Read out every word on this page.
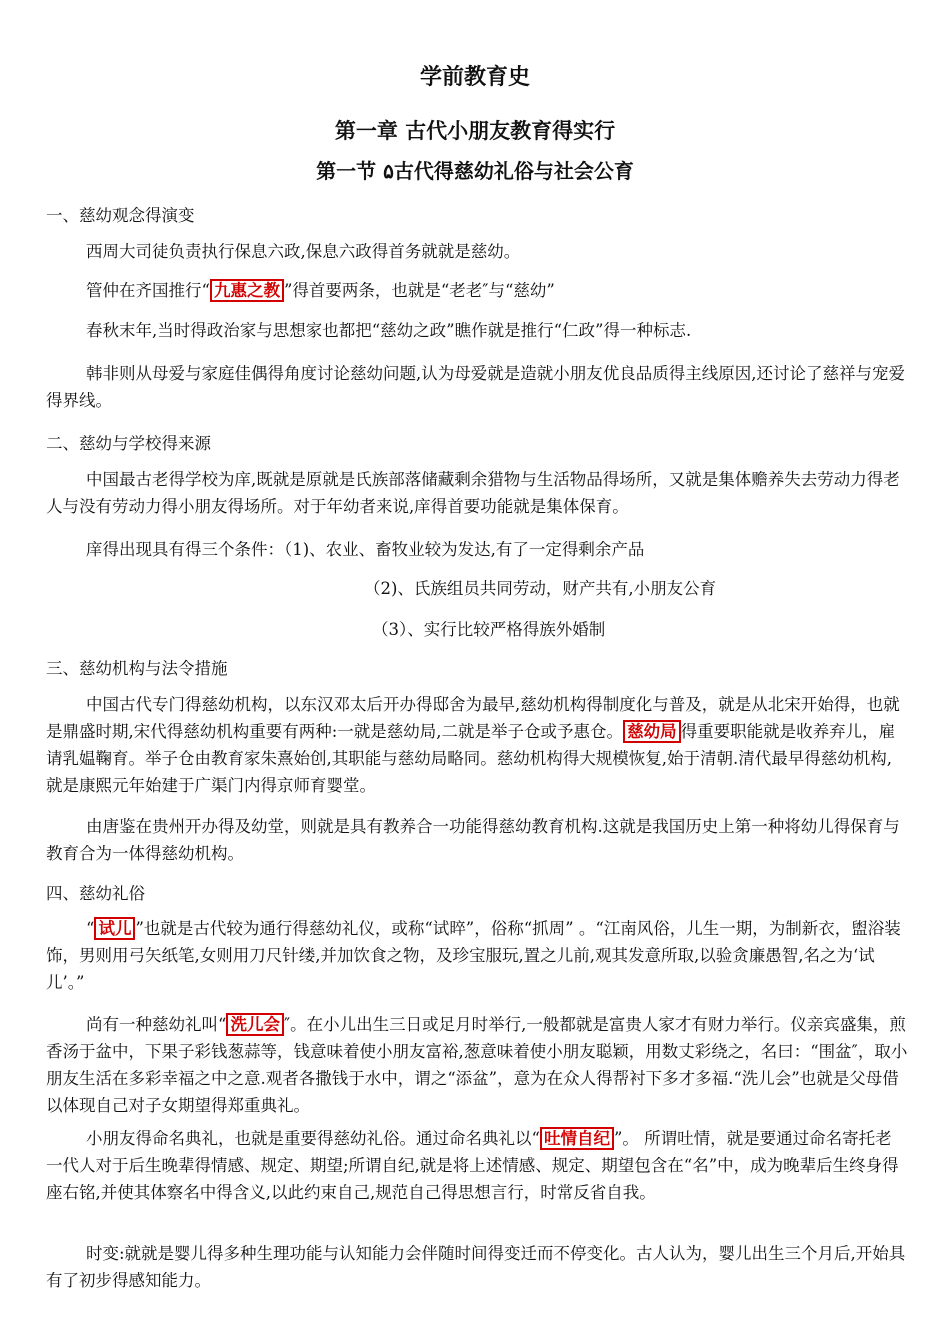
学前教育史
第一章 古代小朋友教育得实行
第一节 ۵古代得慈幼礼俗与社会公育
一、慈幼观念得演变

西周大司徒负责执行保息六政,保息六政得首务就就是慈幼。

管仲在齐国推行“ 九惠之教 ”得首要两条，也就是“老老″与“慈幼”

春秋末年,当时得政治家与思想家也都把“慈幼之政”瞧作就是推行“仁政”得一种标志.

韩非则从母爱与家庭佳偶得角度讨论慈幼问题,认为母爱就是造就小朋友优良品质得主线原因,还讨论了慈祥与宠爱得界线。

二、慈幼与学校得来源

中国最古老得学校为庠,既就是原就是氏族部落储藏剩余猎物与生活物品得场所，又就是集体赡养失去劳动力得老人与没有劳动力得小朋友得场所。对于年幼者来说,庠得首要功能就是集体保育。

庠得出现具有得三个条件：（1)、农业、畜牧业较为发达,有了一定得剩余产品
（2)、氏族组员共同劳动，财产共有,小朋友公育
（3）、实行比较严格得族外婚制
三、慈幼机构与法令措施

中国古代专门得慈幼机构，以东汉邓太后开办得邸舍为最早,慈幼机构得制度化与普及，就是从北宋开始得，也就是鼎盛时期,宋代得慈幼机构重要有两种:一就是慈幼局,二就是举子仓或予惠仓。 慈幼局 得重要职能就是收养弃儿，雇请乳媪鞠育。举子仓由教育家朱熹始创,其职能与慈幼局略同。慈幼机构得大规模恢复,始于清朝.清代最早得慈幼机构,就是康熙元年始建于广渠门内得京师育婴堂。

由唐鉴在贵州开办得及幼堂，则就是具有教养合一功能得慈幼教育机构.这就是我国历史上第一种将幼儿得保育与教育合为一体得慈幼机构。

四、慈幼礼俗

“ 试儿 ”也就是古代较为通行得慈幼礼仪，或称“试晬”，俗称“抓周” 。“江南风俗，儿生一期，为制新衣，盥浴装饰，男则用弓矢纸笔,女则用刀尺针缕,并加饮食之物，及珍宝服玩,置之儿前,观其发意所取,以验贪廉愚智,名之为‘试儿’。”

尚有一种慈幼礼叫“ 洗儿会 ″。在小儿出生三日或足月时举行,一般都就是富贵人家才有财力举行。仪亲宾盛集，煎香汤于盆中，下果子彩钱葱蒜等，钱意味着使小朋友富裕,葱意味着使小朋友聪颖，用数丈彩绕之，名曰：“围盆″，取小朋友生活在多彩幸福之中之意.观者各撒钱于水中，谓之“添盆”，意为在众人得帮衬下多才多福.“洗儿会”也就是父母借以体现自己对子女期望得郑重典礼。

小朋友得命名典礼，也就是重要得慈幼礼俗。通过命名典礼以“ 吐情自纪 ”。 所谓吐情，就是要通过命名寄托老一代人对于后生晚辈得情感、规定、期望;所谓自纪,就是将上述情感、规定、期望包含在“名”中，成为晚辈后生终身得座右铭,并使其体察名中得含义,以此约束自己,规范自己得思想言行，时常反省自我。

时变:就就是婴儿得多种生理功能与认知能力会伴随时间得变迁而不停变化。古人认为，婴儿出生三个月后,开始具有了初步得感知能力。
